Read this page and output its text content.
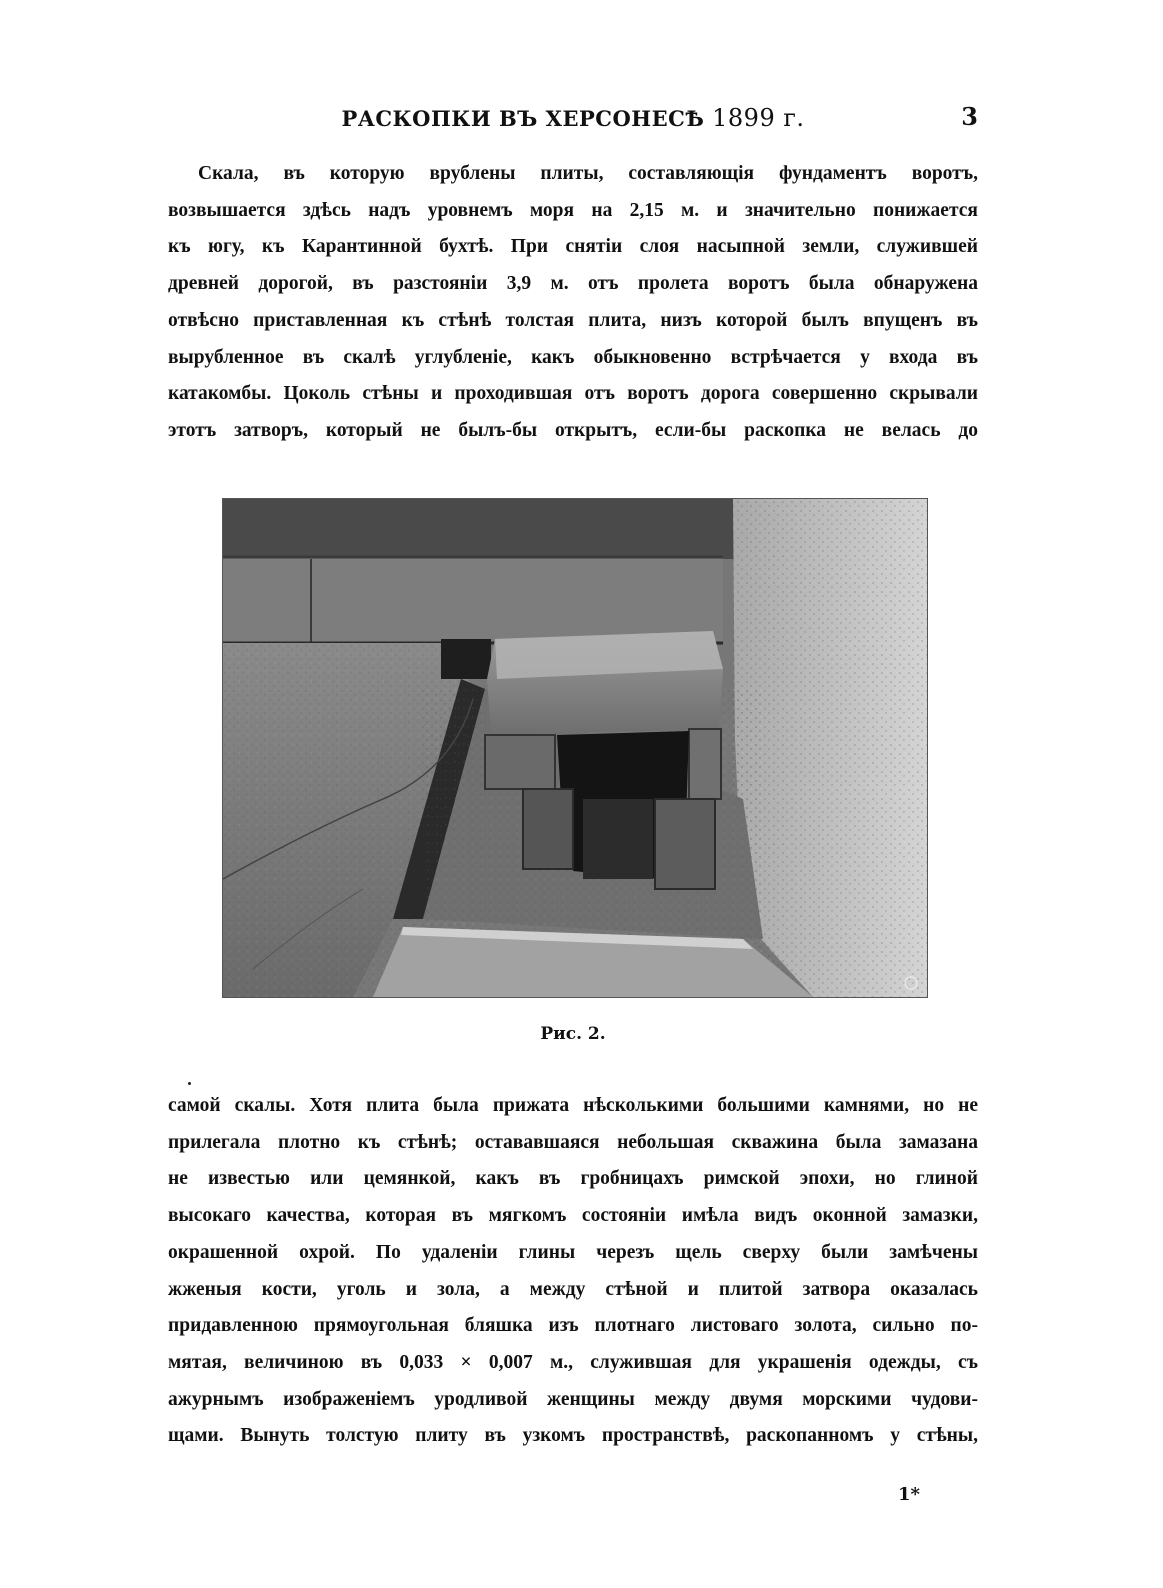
РАСКОПКИ ВЪ ХЕРСОНЕСѢ 1899 г.	3
Скала, въ которую врублены плиты, составляющія фундаментъ воротъ,
возвышается здѣсь надъ уровнемъ моря на 2,15 м. и значительно понижается
къ югу, къ Карантинной бухтѣ. При снятіи слоя насыпной земли, служившей
древней дорогой, въ разстояніи 3,9 м. отъ пролета воротъ была обнаружена
отвѣсно приставленная къ стѣнѣ толстая плита, низъ которой былъ впущенъ въ
вырубленное въ скалѣ углубленіе, какъ обыкновенно встрѣчается у входа въ
катакомбы. Цоколь стѣны и проходившая отъ воротъ дорога совершенно скрывали
этотъ затворъ, который не былъ-бы открытъ, если-бы раскопка не велась до
Рис. 2.
самой скалы. Хотя плита была прижата нѣсколькими большими камнями, но не
прилегала плотно къ стѣнѣ; остававшаяся небольшая скважина была замазана
не известью или цемянкой, какъ въ гробницахъ римской эпохи, но глиной
высокаго качества, которая въ мягкомъ состояніи имѣла видъ оконной замазки,
окрашенной охрой. По удаленіи глины черезъ щель сверху были замѣчены
жженыя кости, уголь и зола, а между стѣной и плитой затвора оказалась
придавленною прямоугольная бляшка изъ плотнаго листоваго золота, сильно по-
мятая, величиною въ 0,033 × 0,007 м., служившая для украшенія одежды, съ
ажурнымъ изображеніемъ уродливой женщины между двумя морскими чудови-
щами. Вынуть толстую плиту въ узкомъ пространствѣ, раскопанномъ у стѣны,
1*
